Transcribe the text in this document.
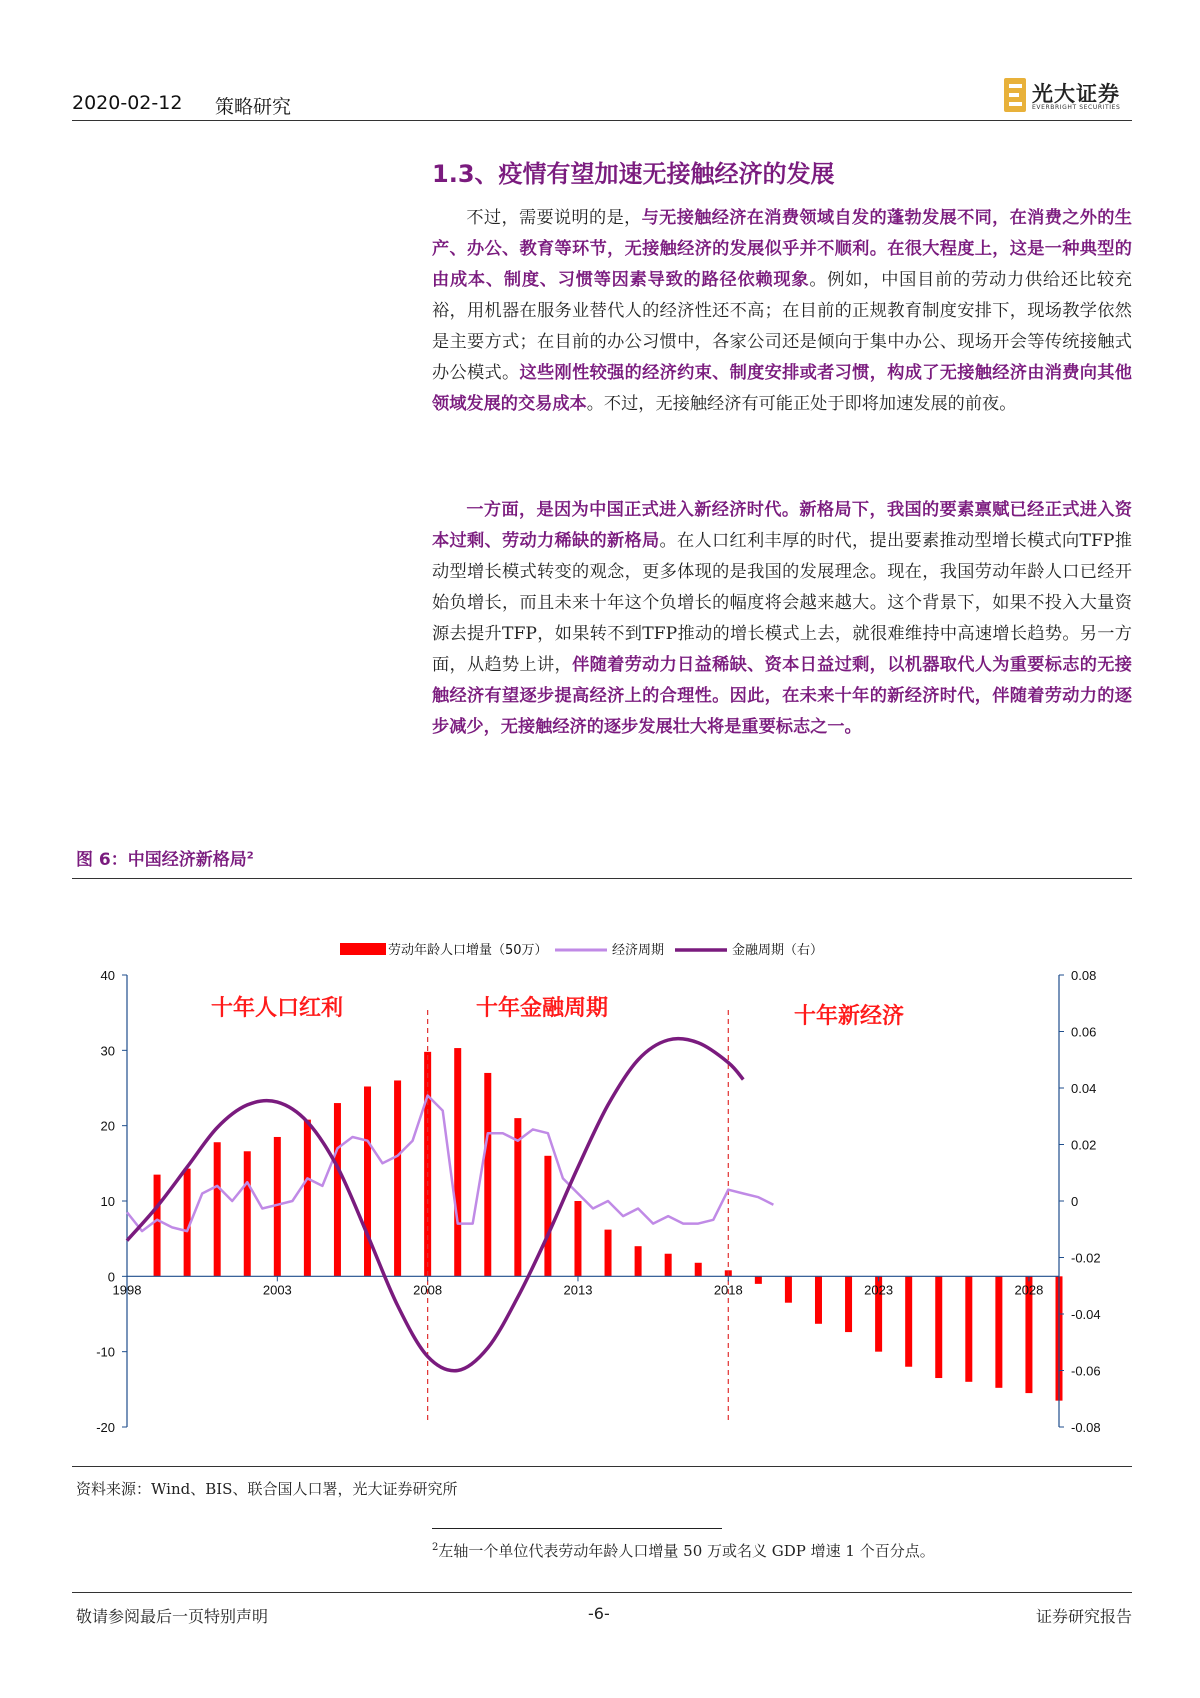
2020-02-12 策略研究
光大证券
EVERBRIGHT SECURITIES
1.3、疫情有望加速无接触经济的发展
不过，需要说明的是，与无接触经济在消费领域自发的蓬勃发展不同，在消费之外的生产、办公、教育等环节，无接触经济的发展似乎并不顺利。在很大程度上，这是一种典型的由成本、制度、习惯等因素导致的路径依赖现象。例如，中国目前的劳动力供给还比较充裕，用机器在服务业替代人的经济性还不高；在目前的正规教育制度安排下，现场教学依然是主要方式；在目前的办公习惯中，各家公司还是倾向于集中办公、现场开会等传统接触式办公模式。这些刚性较强的经济约束、制度安排或者习惯，构成了无接触经济由消费向其他领域发展的交易成本。不过，无接触经济有可能正处于即将加速发展的前夜。
一方面，是因为中国正式进入新经济时代。新格局下，我国的要素禀赋已经正式进入资本过剩、劳动力稀缺的新格局。在人口红利丰厚的时代，提出要素推动型增长模式向TFP推动型增长模式转变的观念，更多体现的是我国的发展理念。现在，我国劳动年龄人口已经开始负增长，而且未来十年这个负增长的幅度将会越来越大。这个背景下，如果不投入大量资源去提升TFP，如果转不到TFP推动的增长模式上去，就很难维持中高速增长趋势。另一方面，从趋势上讲，伴随着劳动力日益稀缺、资本日益过剩，以机器取代人为重要标志的无接触经济有望逐步提高经济上的合理性。因此，在未来十年的新经济时代，伴随着劳动力的逐步减少，无接触经济的逐步发展壮大将是重要标志之一。
图 6：中国经济新格局$^2$
40
30
20
10
0
-10
-20
0.08
0.06
0.04
0.02
0
-0.02
-0.04
-0.06
-0.08
1998	2003	2008	2013	2018	2023	2028
劳动年龄人口增量（50万）	经济周期	金融周期（右）
十年人口红利	十年金融周期	十年新经济
资料来源：Wind、BIS、联合国人口署，光大证券研究所
$^2$左轴一个单位代表劳动年龄人口增量 50 万或名义 GDP 增速 1 个百分点。
敬请参阅最后一页特别声明	-6-	证券研究报告
